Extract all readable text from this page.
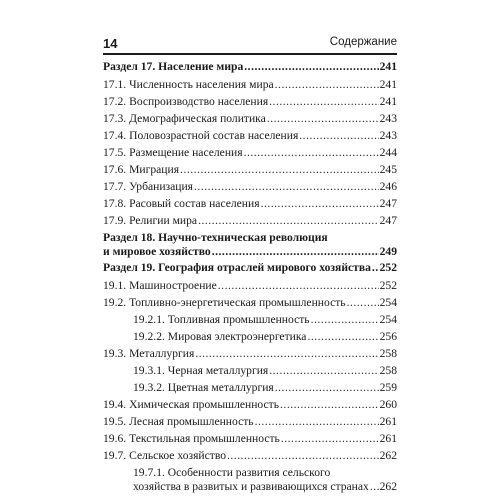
14	Содержание
Раздел 17. Население мира .....	241
17.1. Численность населения мира .....	241
17.2. Воспроизводство населения .....	241
17.3. Демографическая политика .....	243
17.4. Половозрастной состав населения .....	243
17.5. Размещение населения .....	244
17.6. Миграция .....	245
17.7. Урбанизация .....	246
17.8. Расовый состав населения .....	247
17.9. Религии мира .....	247
Раздел 18. Научно-техническая революция
и мировое хозяйство .....	249
Раздел 19. География отраслей мирового хозяйства ..... 252
19.1. Машиностроение .....	252
19.2. Топливно-энергетическая промышленность .....	254
19.2.1. Топливная промышленность .....	254
19.2.2. Мировая электроэнергетика .....	256
19.3. Металлургия .....	258
19.3.1. Черная металлургия .....	258
19.3.2. Цветная металлургия .....	259
19.4. Химическая промышленность .....	260
19.5. Лесная промышленность .....	261
19.6. Текстильная промышленность .....	261
19.7. Сельское хозяйство .....	262
19.7.1. Особенности развития сельского
хозяйства в развитых и развивающихся странах ..... 262
